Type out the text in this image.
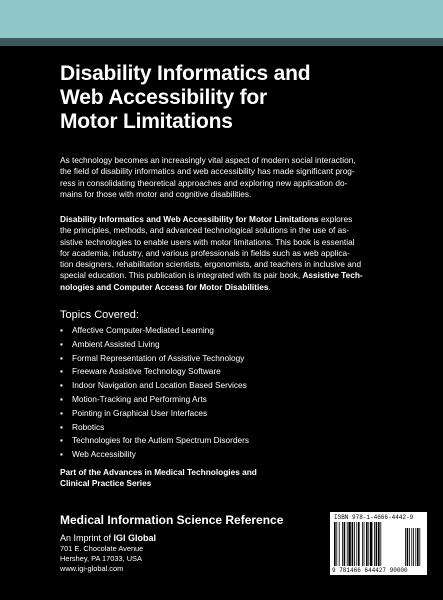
Disability Informatics and
Web Accessibility for
Motor Limitations

As technology becomes an increasingly vital aspect of modern social interaction,

the field of disability informatics and web accessibility has made significant prog-

ress in consolidating theoretical approaches and exploring new application do-

mains for those with motor and cognitive disabilities.

Disability Informatics and Web Accessibility for Motor Limitations explores

the principles, methods, and advanced technological solutions in the use of as-

sistive technologies to enable users with motor limitations. This book is essential

for academia, industry, and various professionals in fields such as web applica-

tion designers, rehabilitation scientists, ergonomists, and teachers in inclusive and

special education. This publication is integrated with its pair book, Assistive Tech-

nologies and Computer Access for Motor Disabilities.

Topics Covered:
▪ Affective Computer-Mediated Learning
▪ Ambient Assisted Living
▪ Formal Representation of Assistive Technology
▪ Freeware Assistive Technology Software
▪ Indoor Navigation and Location Based Services
▪ Motion-Tracking and Performing Arts
▪ Pointing in Graphical User Interfaces
▪ Robotics
▪ Technologies for the Autism Spectrum Disorders
▪ Web Accessibility
Part of the Advances in Medical Technologies and
Clinical Practice Series
Medical Information Science Reference
An Imprint of IGI Global
701 E. Chocolate Avenue
Hershey, PA 17033, USA
www.igi-global.com
ISBN 978-1-4666-4442-9
9 781466 644427 90000
